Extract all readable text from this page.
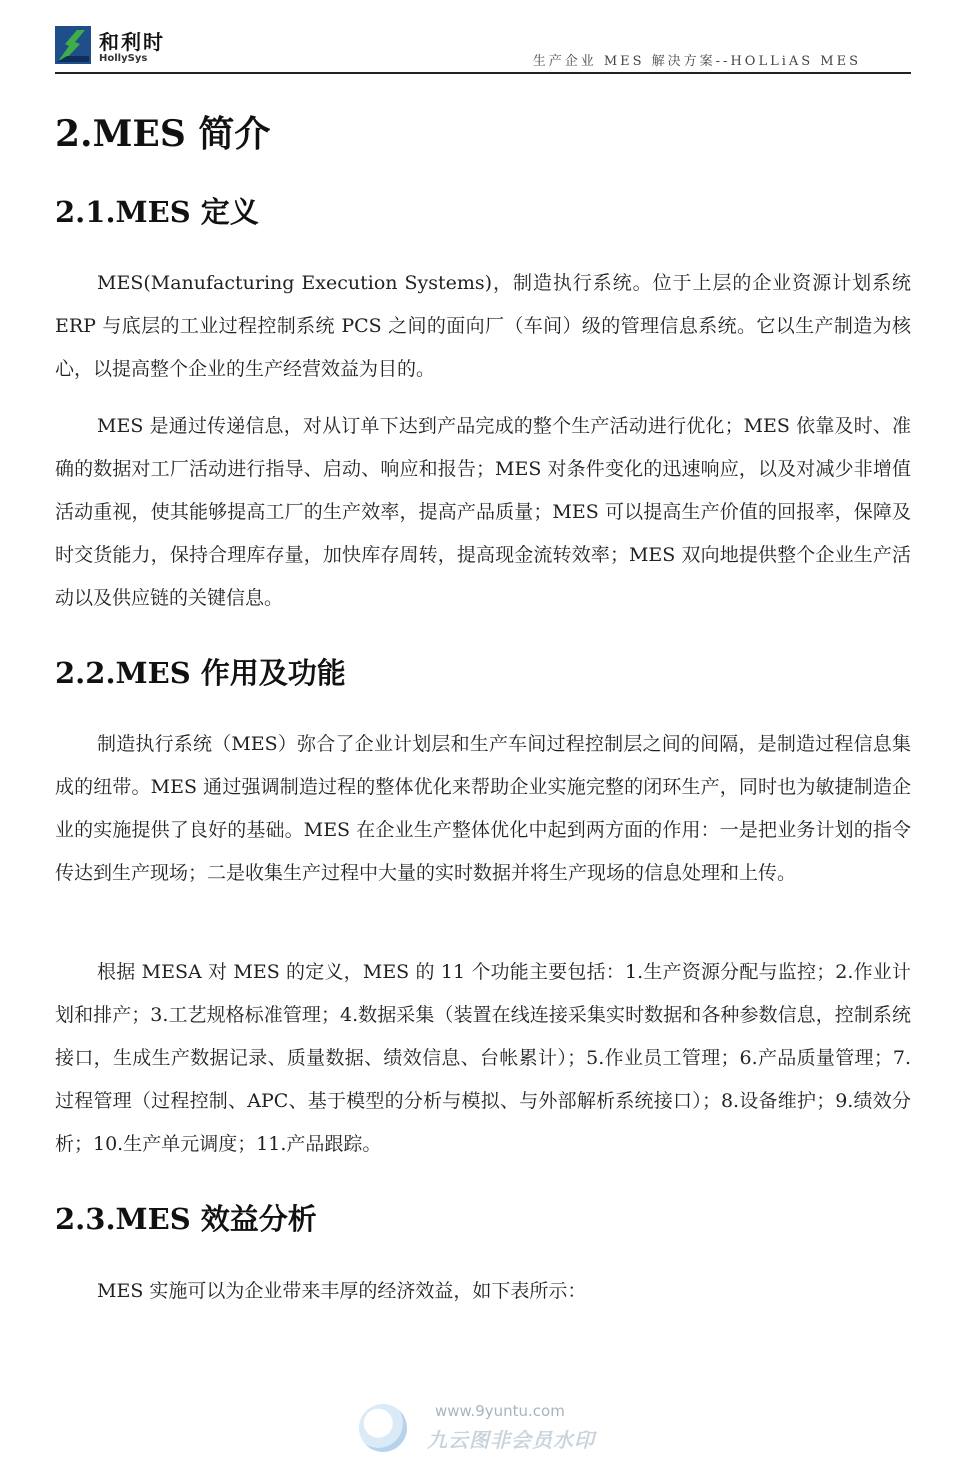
和利时
HollySys	生产企业 MES 解决方案--HOLLiAS MES
2.MES 简介
2.1.MES 定义

MES(Manufacturing Execution Systems)，制造执行系统。位于上层的企业资源计划系统 ERP 与底层的工业过程控制系统 PCS 之间的面向厂（车间）级的管理信息系统。它以生产制造为核心，以提高整个企业的生产经营效益为目的。

MES 是通过传递信息，对从订单下达到产品完成的整个生产活动进行优化；MES 依靠及时、准确的数据对工厂活动进行指导、启动、响应和报告；MES 对条件变化的迅速响应，以及对减少非增值活动重视，使其能够提高工厂的生产效率，提高产品质量；MES 可以提高生产价值的回报率，保障及时交货能力，保持合理库存量，加快库存周转，提高现金流转效率；MES 双向地提供整个企业生产活动以及供应链的关键信息。

2.2.MES 作用及功能

制造执行系统（MES）弥合了企业计划层和生产车间过程控制层之间的间隔，是制造过程信息集成的纽带。MES 通过强调制造过程的整体优化来帮助企业实施完整的闭环生产，同时也为敏捷制造企业的实施提供了良好的基础。MES 在企业生产整体优化中起到两方面的作用：一是把业务计划的指令传达到生产现场；二是收集生产过程中大量的实时数据并将生产现场的信息处理和上传。

根据 MESA 对 MES 的定义，MES 的 11 个功能主要包括：1.生产资源分配与监控；2.作业计划和排产；3.工艺规格标准管理；4.数据采集（装置在线连接采集实时数据和各种参数信息，控制系统接口，生成生产数据记录、质量数据、绩效信息、台帐累计）；5.作业员工管理；6.产品质量管理；7.过程管理（过程控制、APC、基于模型的分析与模拟、与外部解析系统接口）；8.设备维护；9.绩效分析；10.生产单元调度；11.产品跟踪。

2.3.MES 效益分析

MES 实施可以为企业带来丰厚的经济效益，如下表所示：

www.9yuntu.com
九云图非会员水印
